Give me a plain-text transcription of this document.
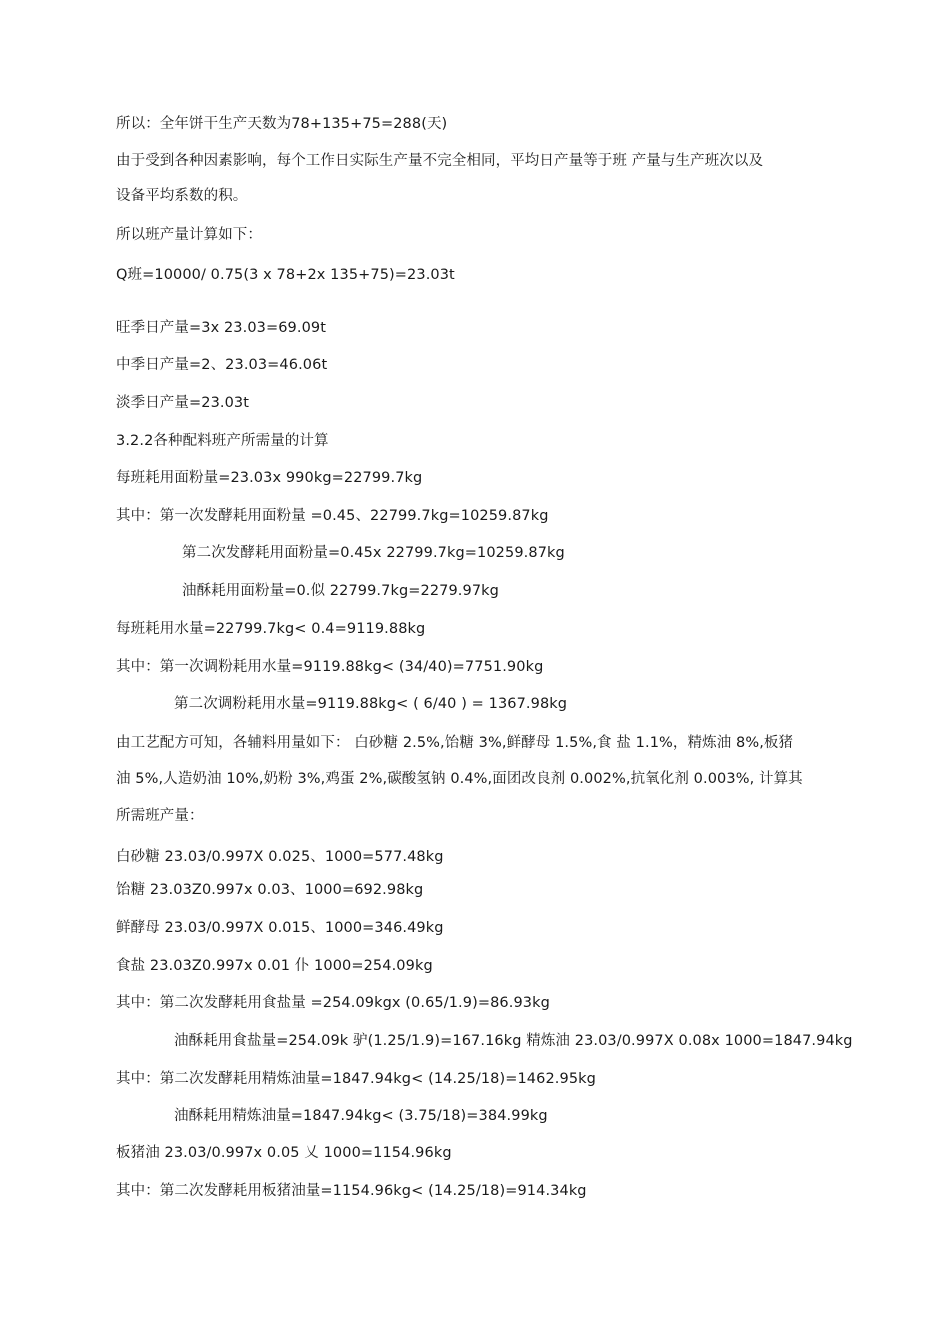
所以：全年饼干生产天数为78+135+75=288(天)
由于受到各种因素影响，每个工作日实际生产量不完全相同，平均日产量等于班 产量与生产班次以及
设备平均系数的积。
所以班产量计算如下：
Q班=10000/ 0.75(3 x 78+2x 135+75)=23.03t
旺季日产量=3x 23.03=69.09t
中季日产量=2、23.03=46.06t
淡季日产量=23.03t
3.2.2各种配料班产所需量的计算
每班耗用面粉量=23.03x 990kg=22799.7kg
其中：第一次发酵耗用面粉量 =0.45、22799.7kg=10259.87kg
第二次发酵耗用面粉量=0.45x 22799.7kg=10259.87kg
油酥耗用面粉量=0.似 22799.7kg=2279.97kg
每班耗用水量=22799.7kg< 0.4=9119.88kg
其中：第一次调粉耗用水量=9119.88kg< (34/40)=7751.90kg
第二次调粉耗用水量=9119.88kg< ( 6/40 ) = 1367.98kg
由工艺配方可知，各辅料用量如下： 白砂糖 2.5%,饴糖 3%,鲜酵母 1.5%,食 盐 1.1%，精炼油 8%,板猪
油 5%,人造奶油 10%,奶粉 3%,鸡蛋 2%,碳酸氢钠 0.4%,面团改良剂 0.002%,抗氧化剂 0.003%, 计算其
所需班产量：
白砂糖 23.03/0.997X 0.025、1000=577.48kg
饴糖 23.03Z0.997x 0.03、1000=692.98kg
鲜酵母 23.03/0.997X 0.015、1000=346.49kg
食盐 23.03Z0.997x 0.01 仆 1000=254.09kg
其中：第二次发酵耗用食盐量 =254.09kgx (0.65/1.9)=86.93kg
油酥耗用食盐量=254.09k 驴(1.25/1.9)=167.16kg 精炼油 23.03/0.997X 0.08x 1000=1847.94kg
其中：第二次发酵耗用精炼油量=1847.94kg< (14.25/18)=1462.95kg
油酥耗用精炼油量=1847.94kg< (3.75/18)=384.99kg
板猪油 23.03/0.997x 0.05 乂 1000=1154.96kg
其中：第二次发酵耗用板猪油量=1154.96kg< (14.25/18)=914.34kg
